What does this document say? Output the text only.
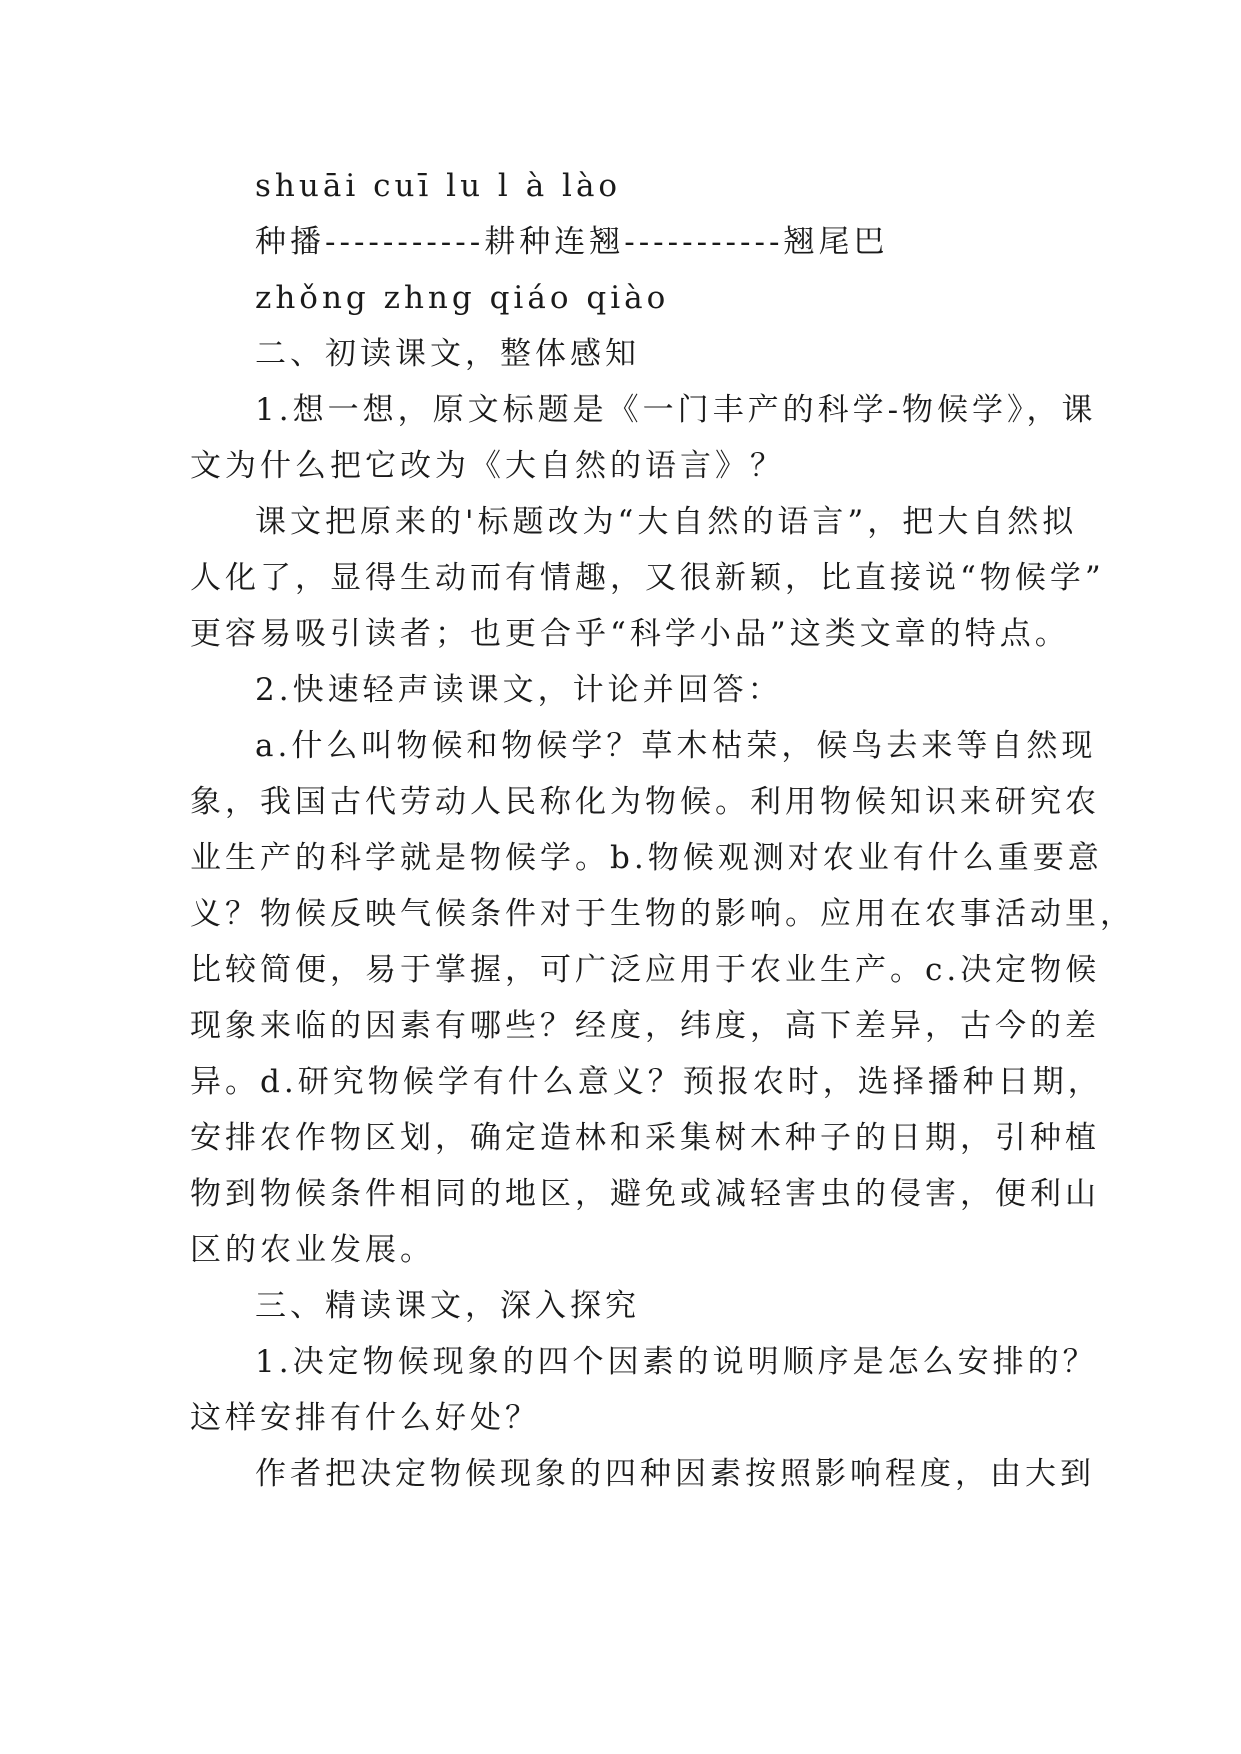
shuāi cuī lu l à lào
种播-----------耕种连翘-----------翘尾巴
zhǒng zhng qiáo qiào
二、初读课文，整体感知
1.想一想，原文标题是《一门丰产的科学-物候学》，课
文为什么把它改为《大自然的语言》？
课文把原来的'标题改为“大自然的语言”，把大自然拟
人化了，显得生动而有情趣，又很新颖，比直接说“物候学”
更容易吸引读者；也更合乎“科学小品”这类文章的特点。
2.快速轻声读课文，计论并回答：
a.什么叫物候和物候学？草木枯荣，候鸟去来等自然现
象，我国古代劳动人民称化为物候。利用物候知识来研究农
业生产的科学就是物候学。b.物候观测对农业有什么重要意
义？物候反映气候条件对于生物的影响。应用在农事活动里，
比较简便，易于掌握，可广泛应用于农业生产。c.决定物候
现象来临的因素有哪些？经度，纬度，高下差异，古今的差
异。d.研究物候学有什么意义？预报农时，选择播种日期，
安排农作物区划，确定造林和采集树木种子的日期，引种植
物到物候条件相同的地区，避免或减轻害虫的侵害，便利山
区的农业发展。
三、精读课文，深入探究
1.决定物候现象的四个因素的说明顺序是怎么安排的？
这样安排有什么好处？
作者把决定物候现象的四种因素按照影响程度，由大到
